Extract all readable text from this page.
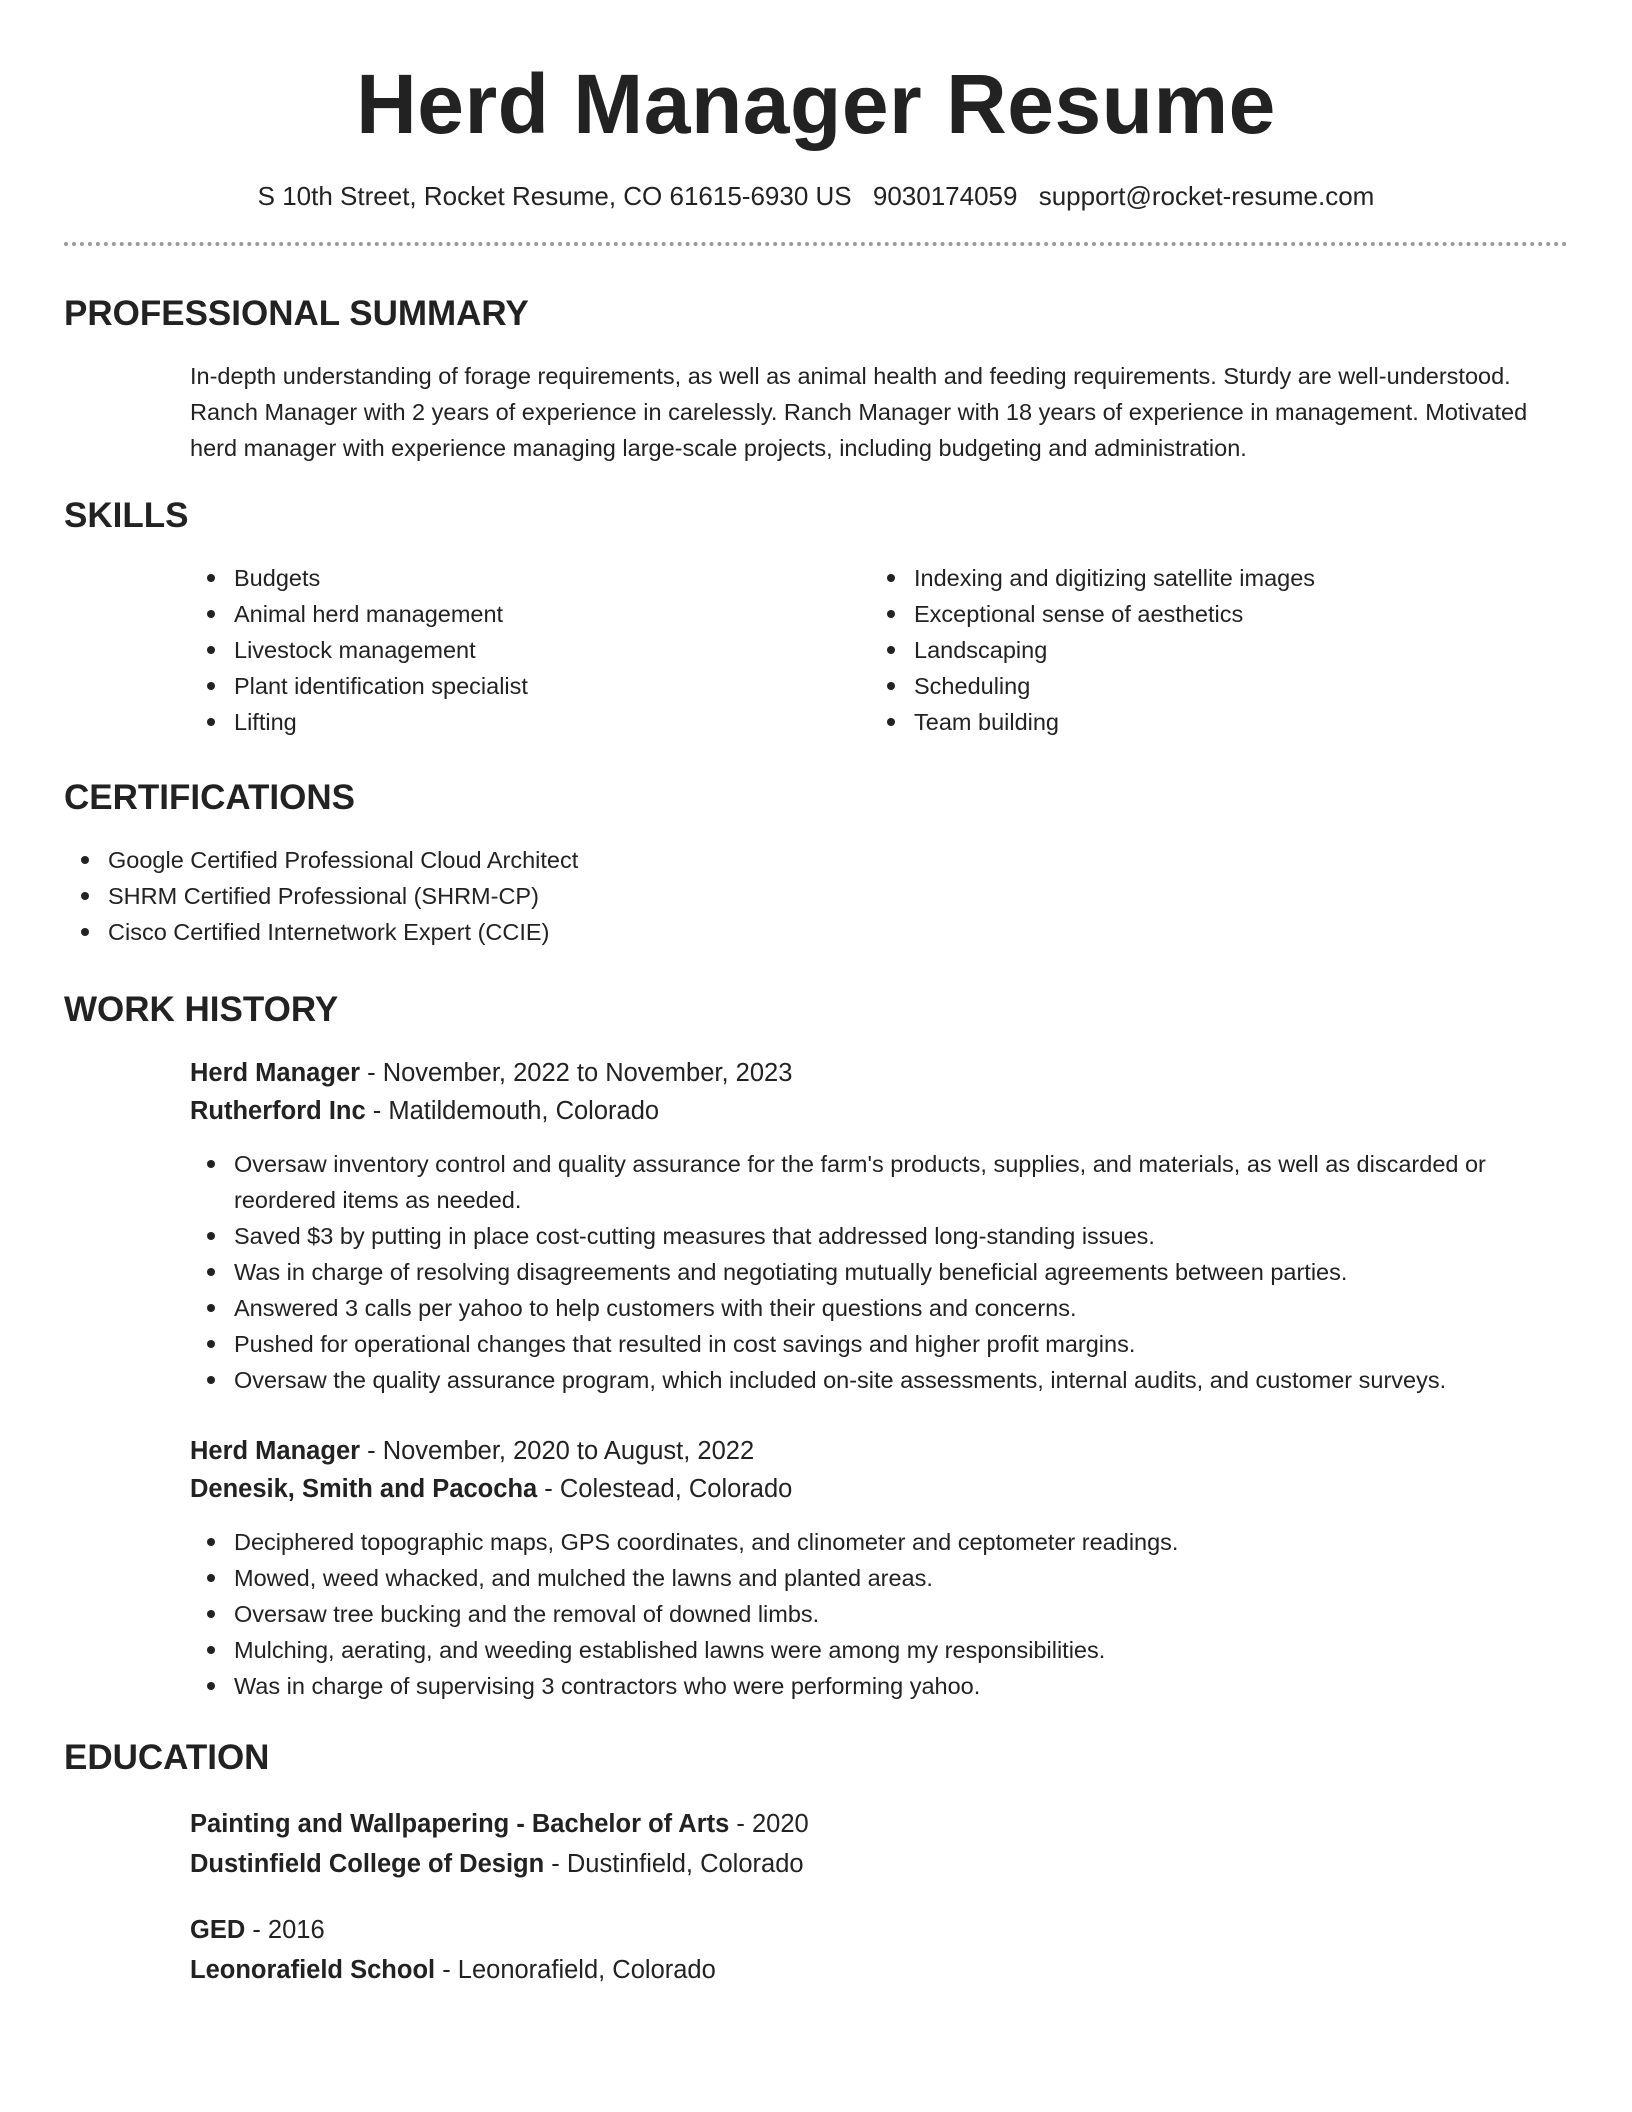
Herd Manager Resume
S 10th Street, Rocket Resume, CO 61615-6930 US 9030174059 support@rocket-resume.com
PROFESSIONAL SUMMARY
In-depth understanding of forage requirements, as well as animal health and feeding requirements. Sturdy are well-understood. Ranch Manager with 2 years of experience in carelessly. Ranch Manager with 18 years of experience in management. Motivated herd manager with experience managing large-scale projects, including budgeting and administration.
SKILLS
Budgets
Animal herd management
Livestock management
Plant identification specialist
Lifting
Indexing and digitizing satellite images
Exceptional sense of aesthetics
Landscaping
Scheduling
Team building
CERTIFICATIONS
Google Certified Professional Cloud Architect
SHRM Certified Professional (SHRM-CP)
Cisco Certified Internetwork Expert (CCIE)
WORK HISTORY
Herd Manager - November, 2022 to November, 2023
Rutherford Inc - Matildemouth, Colorado
Oversaw inventory control and quality assurance for the farm's products, supplies, and materials, as well as discarded or reordered items as needed.
Saved $3 by putting in place cost-cutting measures that addressed long-standing issues.
Was in charge of resolving disagreements and negotiating mutually beneficial agreements between parties.
Answered 3 calls per yahoo to help customers with their questions and concerns.
Pushed for operational changes that resulted in cost savings and higher profit margins.
Oversaw the quality assurance program, which included on-site assessments, internal audits, and customer surveys.
Herd Manager - November, 2020 to August, 2022
Denesik, Smith and Pacocha - Colestead, Colorado
Deciphered topographic maps, GPS coordinates, and clinometer and ceptometer readings.
Mowed, weed whacked, and mulched the lawns and planted areas.
Oversaw tree bucking and the removal of downed limbs.
Mulching, aerating, and weeding established lawns were among my responsibilities.
Was in charge of supervising 3 contractors who were performing yahoo.
EDUCATION
Painting and Wallpapering - Bachelor of Arts - 2020
Dustinfield College of Design - Dustinfield, Colorado
GED - 2016
Leonorafield School - Leonorafield, Colorado
